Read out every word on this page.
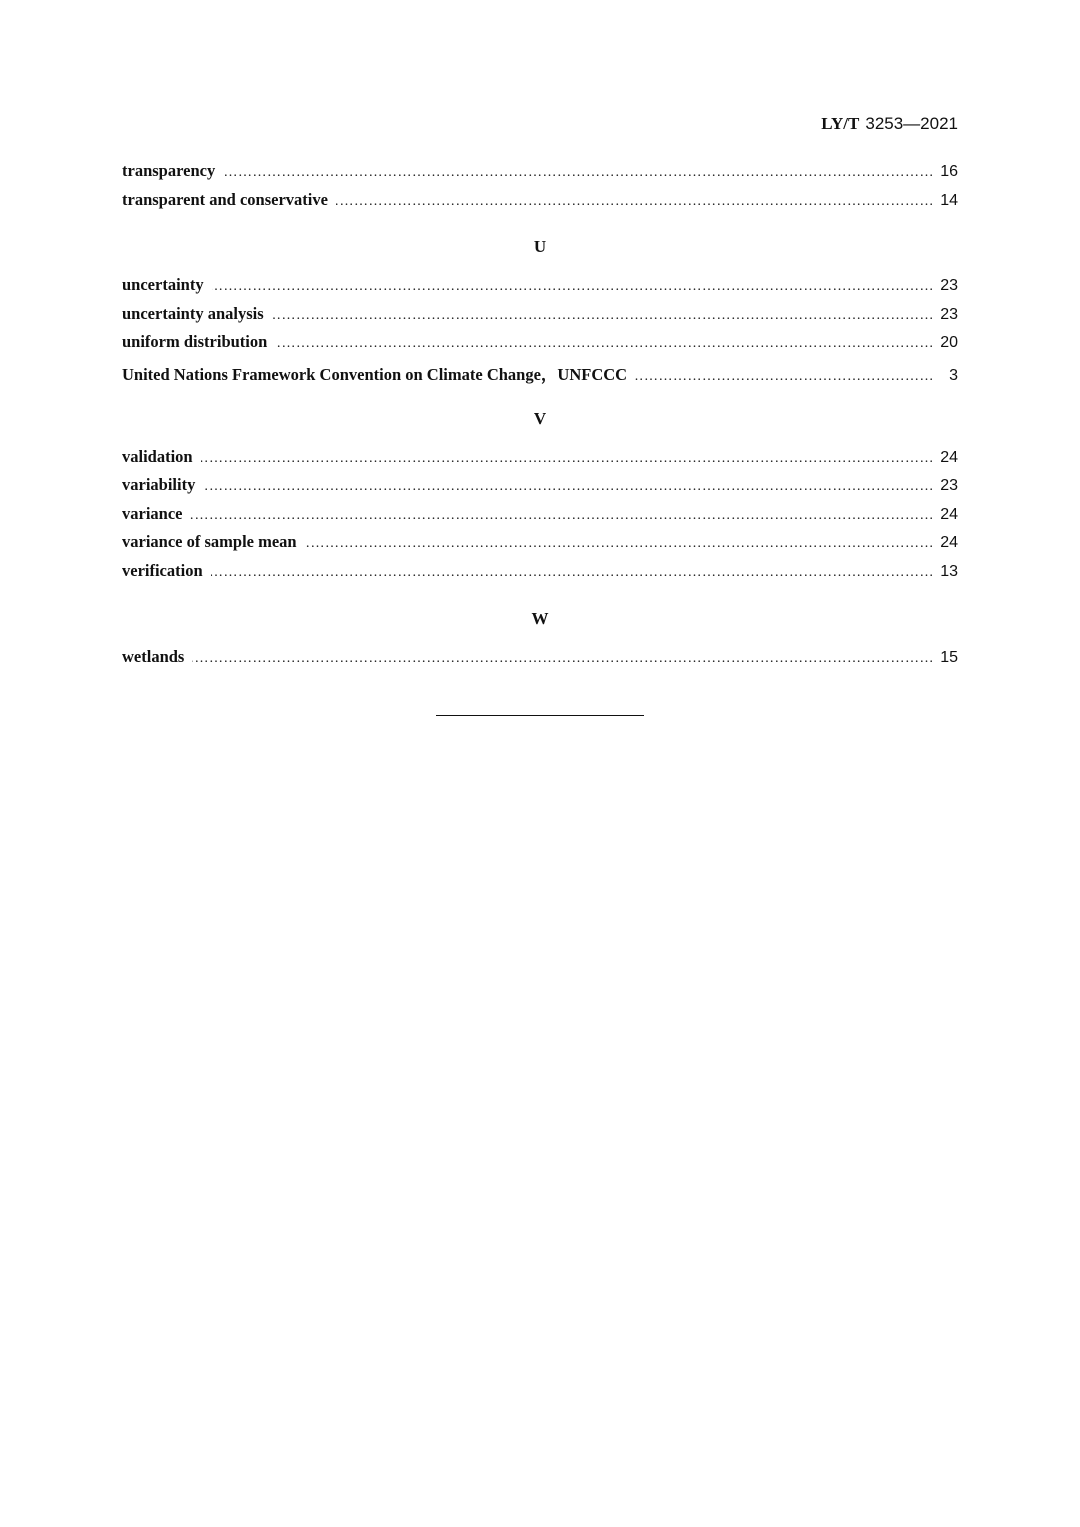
LY/T 3253—2021
transparency …………………………………………………………………………………………………………………………………………………………………………………………………………………………………………………………………………	16
transparent and conservative …………………………………………………………………………………………………………………………………………………………………………………………………………………………………………………………………………	14
U
uncertainty …………………………………………………………………………………………………………………………………………………………………………………………………………………………………………………………………………	23
uncertainty analysis …………………………………………………………………………………………………………………………………………………………………………………………………………………………………………………………………………	23
uniform distribution …………………………………………………………………………………………………………………………………………………………………………………………………………………………………………………………………………	20
United Nations Framework Convention on Climate Change，UNFCCC …………………………………………………………………………………………………………………………………………………………………………………………………………………………………………………………………………	3
V
validation …………………………………………………………………………………………………………………………………………………………………………………………………………………………………………………………………………	24
variability …………………………………………………………………………………………………………………………………………………………………………………………………………………………………………………………………………	23
variance …………………………………………………………………………………………………………………………………………………………………………………………………………………………………………………………………………	24
variance of sample mean …………………………………………………………………………………………………………………………………………………………………………………………………………………………………………………………………………	24
verification …………………………………………………………………………………………………………………………………………………………………………………………………………………………………………………………………………	13
W
wetlands …………………………………………………………………………………………………………………………………………………………………………………………………………………………………………………………………………	15
